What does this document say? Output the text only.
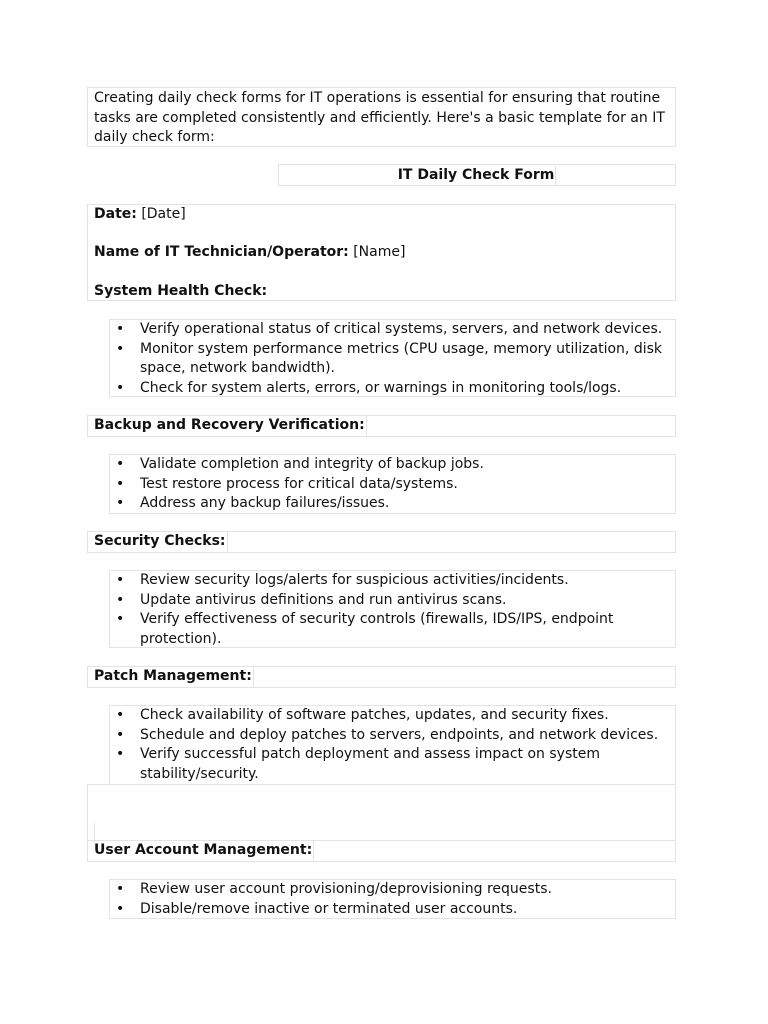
Creating daily check forms for IT operations is essential for ensuring that routine tasks are completed consistently and efficiently. Here's a basic template for an IT daily check form:
IT Daily Check Form
Date: [Date]
Name of IT Technician/Operator: [Name]
System Health Check:
• Verify operational status of critical systems, servers, and network devices.
• Monitor system performance metrics (CPU usage, memory utilization, disk space, network bandwidth).
• Check for system alerts, errors, or warnings in monitoring tools/logs.
Backup and Recovery Verification:
• Validate completion and integrity of backup jobs.
• Test restore process for critical data/systems.
• Address any backup failures/issues.
Security Checks:
• Review security logs/alerts for suspicious activities/incidents.
• Update antivirus definitions and run antivirus scans.
• Verify effectiveness of security controls (firewalls, IDS/IPS, endpoint protection).
Patch Management:
• Check availability of software patches, updates, and security fixes.
• Schedule and deploy patches to servers, endpoints, and network devices.
• Verify successful patch deployment and assess impact on system stability/security.
User Account Management:
• Review user account provisioning/deprovisioning requests.
• Disable/remove inactive or terminated user accounts.
